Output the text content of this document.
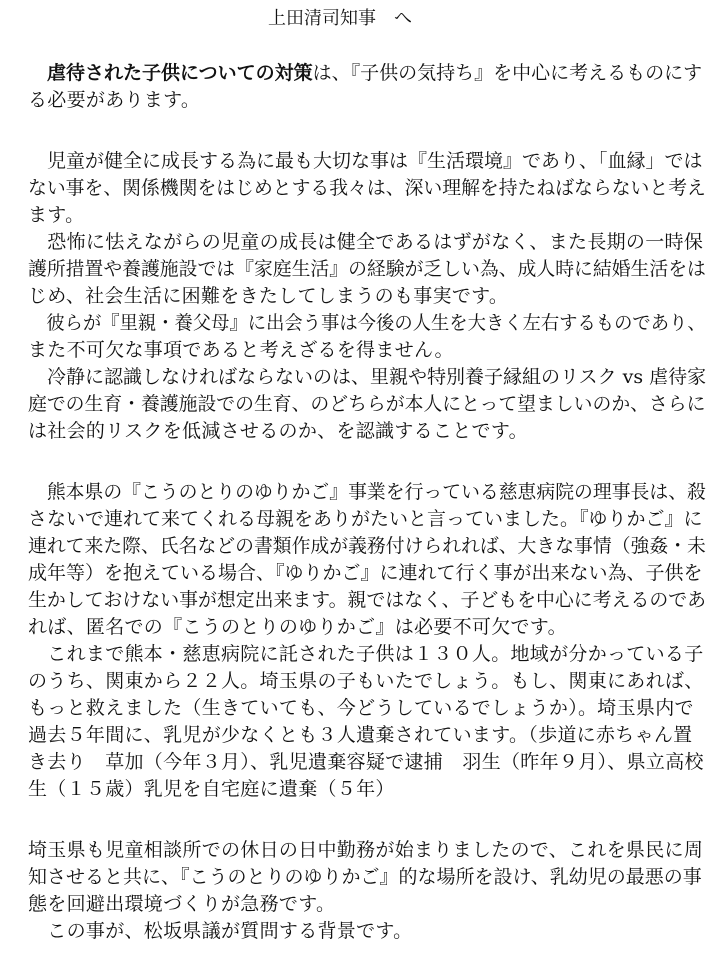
上田清司知事　へ
　虐待された子供についての対策は、『子供の気持ち』を中心に考えるものにす
る必要があります。
　児童が健全に成長する為に最も大切な事は『生活環境』であり、「血縁」では
ない事を、関係機関をはじめとする我々は、深い理解を持たねばならないと考え
ます。
　恐怖に怯えながらの児童の成長は健全であるはずがなく、また長期の一時保
護所措置や養護施設では『家庭生活』の経験が乏しい為、成人時に結婚生活をは
じめ、社会生活に困難をきたしてしまうのも事実です。
　彼らが『里親・養父母』に出会う事は今後の人生を大きく左右するものであり、
また不可欠な事項であると考えざるを得ません。
　冷静に認識しなければならないのは、里親や特別養子縁組のリスク vs 虐待家
庭での生育・養護施設での生育、のどちらが本人にとって望ましいのか、さらに
は社会的リスクを低減させるのか、を認識することです。
　熊本県の『こうのとりのゆりかご』事業を行っている慈恵病院の理事長は、殺
さないで連れて来てくれる母親をありがたいと言っていました。『ゆりかご』に
連れて来た際、氏名などの書類作成が義務付けられれば、大きな事情（強姦・未
成年等）を抱えている場合、『ゆりかご』に連れて行く事が出来ない為、子供を
生かしておけない事が想定出来ます。親ではなく、子どもを中心に考えるのであ
れば、匿名での『こうのとりのゆりかご』は必要不可欠です。
　これまで熊本・慈恵病院に託された子供は１３０人。地域が分かっている子
のうち、関東から２２人。埼玉県の子もいたでしょう。もし、関東にあれば、
もっと救えました（生きていても、今どうしているでしょうか）。埼玉県内で
過去５年間に、乳児が少なくとも３人遺棄されています。（歩道に赤ちゃん置
き去り　草加（今年３月）、乳児遺棄容疑で逮捕　羽生（昨年９月）、県立高校
生（１５歳）乳児を自宅庭に遺棄（５年）
埼玉県も児童相談所での休日の日中勤務が始まりましたので、これを県民に周
知させると共に、『こうのとりのゆりかご』的な場所を設け、乳幼児の最悪の事
態を回避出環境づくりが急務です。
　この事が、松坂県議が質問する背景です。
